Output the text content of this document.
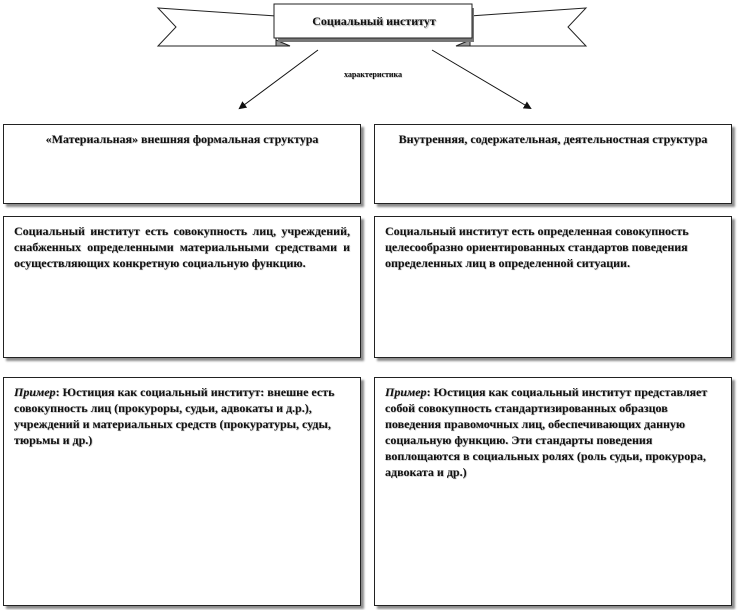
Социальный институт
характеристика
«Материальная» внешняя формальная структура
Социальный институт есть совокупность лиц, учреждений, снабженных определенными материальными средствами и осуществляющих конкретную социальную функцию.
Пример: Юстиция как социальный институт: внешне есть совокупность лиц (прокуроры, судьи, адвокаты и д.р.), учреждений и материальных средств (прокуратуры, суды, тюрьмы и др.)
Внутренняя, содержательная, деятельностная структура
Социальный институт есть определенная совокупность целесообразно ориентированных стандартов поведения определенных лиц в определенной ситуации.
Пример: Юстиция как социальный институт представляет собой совокупность стандартизированных образцов поведения правомочных лиц, обеспечивающих данную социальную функцию. Эти стандарты поведения воплощаются в социальных ролях (роль судьи, прокурора, адвоката и др.)
